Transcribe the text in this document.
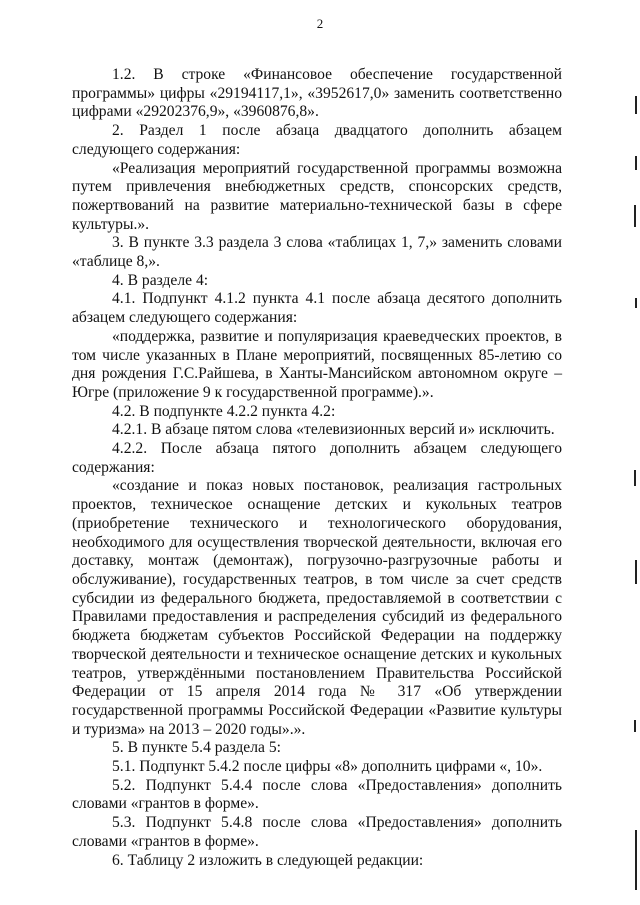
2

1.2. В строке «Финансовое обеспечение государственной программы» цифры «29194117,1», «3952617,0» заменить соответственно цифрами «29202376,9», «3960876,8».

2. Раздел 1 после абзаца двадцатого дополнить абзацем следующего содержания:

«Реализация мероприятий государственной программы возможна путем привлечения внебюджетных средств, спонсорских средств, пожертвований на развитие материально-технической базы в сфере культуры.».

3. В пункте 3.3 раздела 3 слова «таблицах 1, 7,» заменить словами «таблице 8,».

4. В разделе 4:

4.1. Подпункт 4.1.2 пункта 4.1 после абзаца десятого дополнить абзацем следующего содержания:

«поддержка, развитие и популяризация краеведческих проектов, в том числе указанных в Плане мероприятий, посвященных 85-летию со дня рождения Г.С.Райшева, в Ханты-Мансийском автономном округе – Югре (приложение 9 к государственной программе).».

4.2. В подпункте 4.2.2 пункта 4.2:

4.2.1. В абзаце пятом слова «телевизионных версий и» исключить.

4.2.2. После абзаца пятого дополнить абзацем следующего содержания:

«создание и показ новых постановок, реализация гастрольных проектов, техническое оснащение детских и кукольных театров (приобретение технического и технологического оборудования, необходимого для осуществления творческой деятельности, включая его доставку, монтаж (демонтаж), погрузочно-разгрузочные работы и обслуживание), государственных театров, в том числе за счет средств субсидии из федерального бюджета, предоставляемой в соответствии с Правилами предоставления и распределения субсидий из федерального бюджета бюджетам субъектов Российской Федерации на поддержку творческой деятельности и техническое оснащение детских и кукольных театров, утверждёнными постановлением Правительства Российской Федерации от 15 апреля 2014 года № 317 «Об утверждении государственной программы Российской Федерации «Развитие культуры и туризма» на 2013 – 2020 годы».».

5. В пункте 5.4 раздела 5:

5.1. Подпункт 5.4.2 после цифры «8» дополнить цифрами «, 10».

5.2. Подпункт 5.4.4 после слова «Предоставления» дополнить словами «грантов в форме».

5.3. Подпункт 5.4.8 после слова «Предоставления» дополнить словами «грантов в форме».

6. Таблицу 2 изложить в следующей редакции:
